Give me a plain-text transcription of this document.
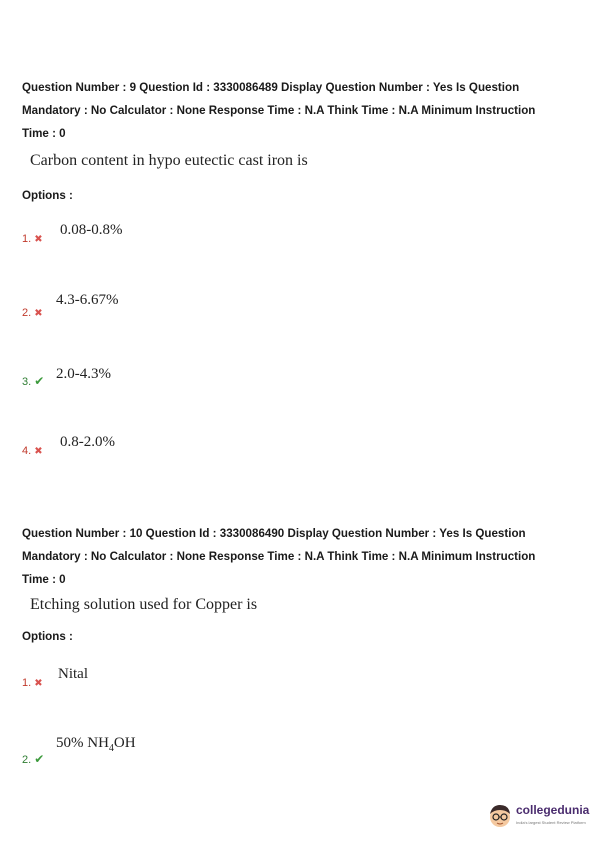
Question Number : 9 Question Id : 3330086489 Display Question Number : Yes Is Question
Mandatory : No Calculator : None Response Time : N.A Think Time : N.A Minimum Instruction
Time : 0
Carbon content in hypo eutectic cast iron is
Options :
1. ✖
0.08-0.8%
2. ✖
4.3-6.67%
3. ✔ 2.0-4.3%
4. ✖
0.8-2.0%
Question Number : 10 Question Id : 3330086490 Display Question Number : Yes Is Question
Mandatory : No Calculator : None Response Time : N.A Think Time : N.A Minimum Instruction
Time : 0
Etching solution used for Copper is
Options :
1. ✖
Nital
2. ✔
50% $NH_4OH$
collegedunia
India's largest Student Review Platform
